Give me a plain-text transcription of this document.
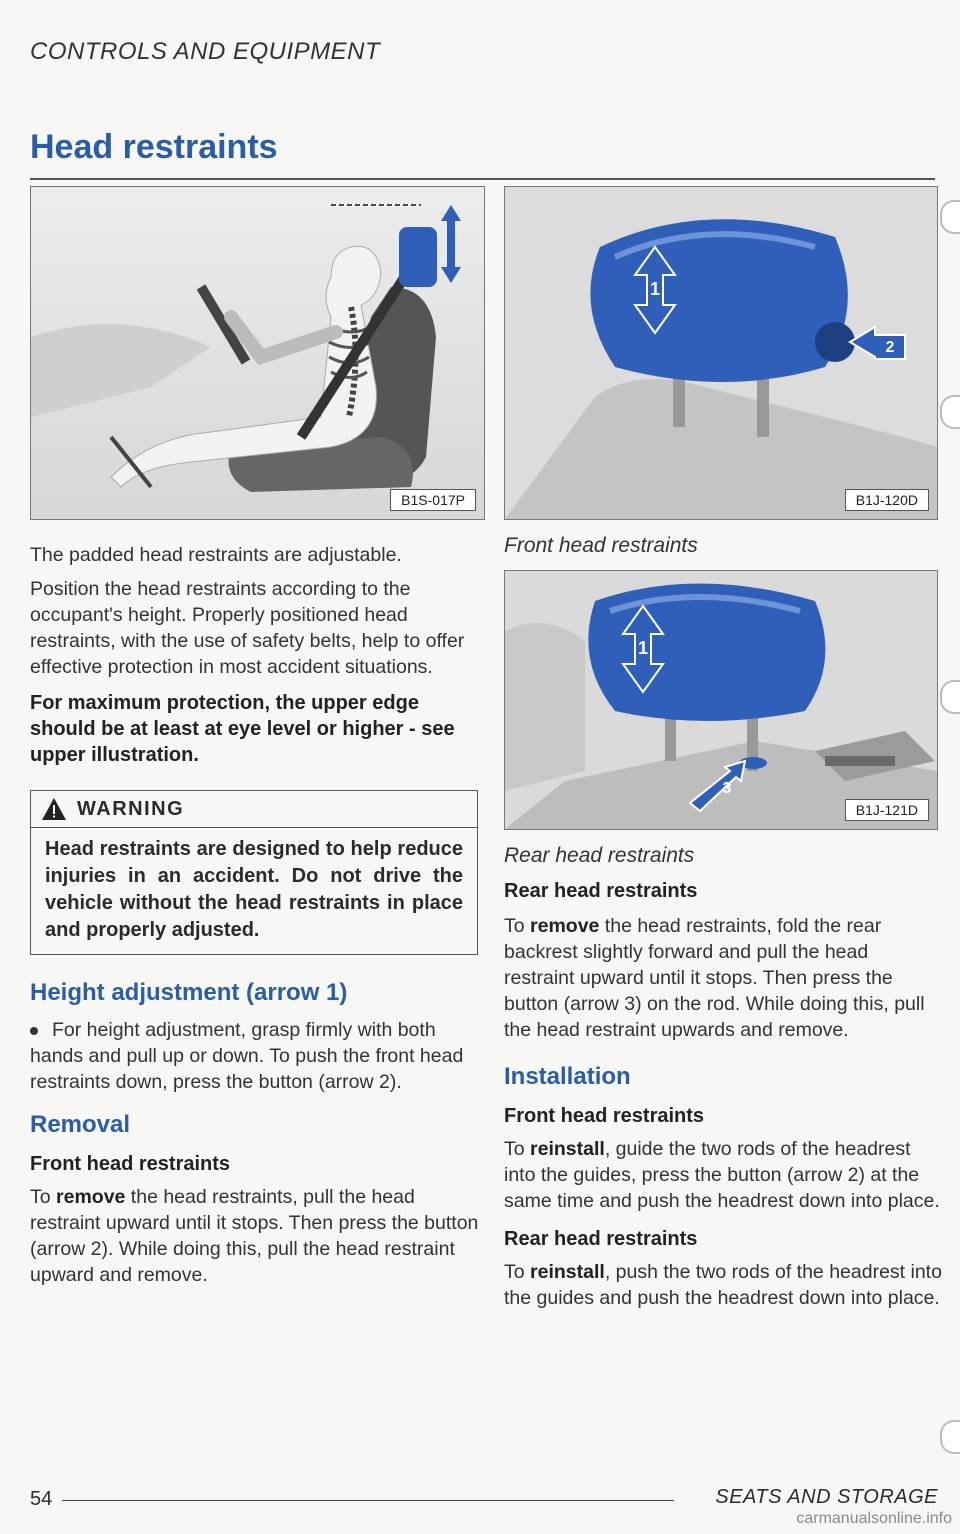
CONTROLS AND EQUIPMENT
Head restraints
B1S-017P

The padded head restraints are adjustable.

Position the head restraints according to the occupant's height. Properly positioned head restraints, with the use of safety belts, help to offer effective protection in most accident situations.

For maximum protection, the upper edge should be at least at eye level or higher - see upper illustration.

WARNING
Head restraints are designed to help reduce injuries in an accident. Do not drive the vehicle without the head restraints in place and properly adjusted.
Height adjustment (arrow 1)

For height adjustment, grasp firmly with both hands and pull up or down. To push the front head restraints down, press the button (arrow 2).

Removal
Front head restraints

To remove the head restraints, pull the head restraint upward until it stops. Then press the button (arrow 2). While doing this, pull the head restraint upward and remove.

1
2
B1J-120D
Front head restraints
1
3
B1J-121D
Rear head restraints
Rear head restraints

To remove the head restraints, fold the rear backrest slightly forward and pull the head restraint upward until it stops. Then press the button (arrow 3) on the rod. While doing this, pull the head restraint upwards and remove.

Installation
Front head restraints

To reinstall, guide the two rods of the headrest into the guides, press the button (arrow 2) at the same time and push the headrest down into place.

Rear head restraints

To reinstall, push the two rods of the headrest into the guides and push the headrest down into place.

54	SEATS AND STORAGE
carmanualsonline.info
